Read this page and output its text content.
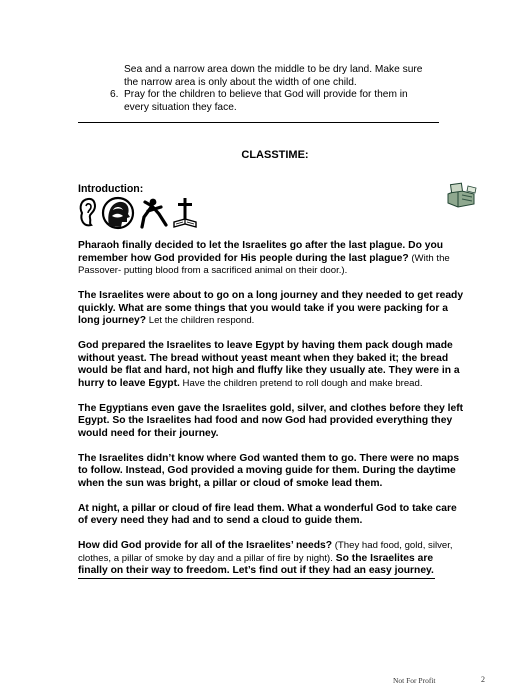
Sea and a narrow area down the middle to be dry land. Make sure
the narrow area is only about the width of one child.
6. Pray for the children to believe that God will provide for them in
every situation they face.
CLASSTIME:
Introduction:

Pharaoh finally decided to let the Israelites go after the last plague. Do you remember how God provided for His people during the last plague? (With the Passover- putting blood from a sacrificed animal on their door.).

The Israelites were about to go on a long journey and they needed to get ready quickly. What are some things that you would take if you were packing for a long journey? Let the children respond.

God prepared the Israelites to leave Egypt by having them pack dough made without yeast. The bread without yeast meant when they baked it; the bread would be flat and hard, not high and fluffy like they usually ate. They were in a hurry to leave Egypt. Have the children pretend to roll dough and make bread.

The Egyptians even gave the Israelites gold, silver, and clothes before they left Egypt. So the Israelites had food and now God had provided everything they would need for their journey.

The Israelites didn’t know where God wanted them to go. There were no maps to follow. Instead, God provided a moving guide for them. During the daytime when the sun was bright, a pillar or cloud of smoke lead them.

At night, a pillar or cloud of fire lead them. What a wonderful God to take care of every need they had and to send a cloud to guide them.

How did God provide for all of the Israelites’ needs? (They had food, gold, silver, clothes, a pillar of smoke by day and a pillar of fire by night). So the Israelites are finally on their way to freedom. Let’s find out if they had an easy journey.

Not For Profit	2
